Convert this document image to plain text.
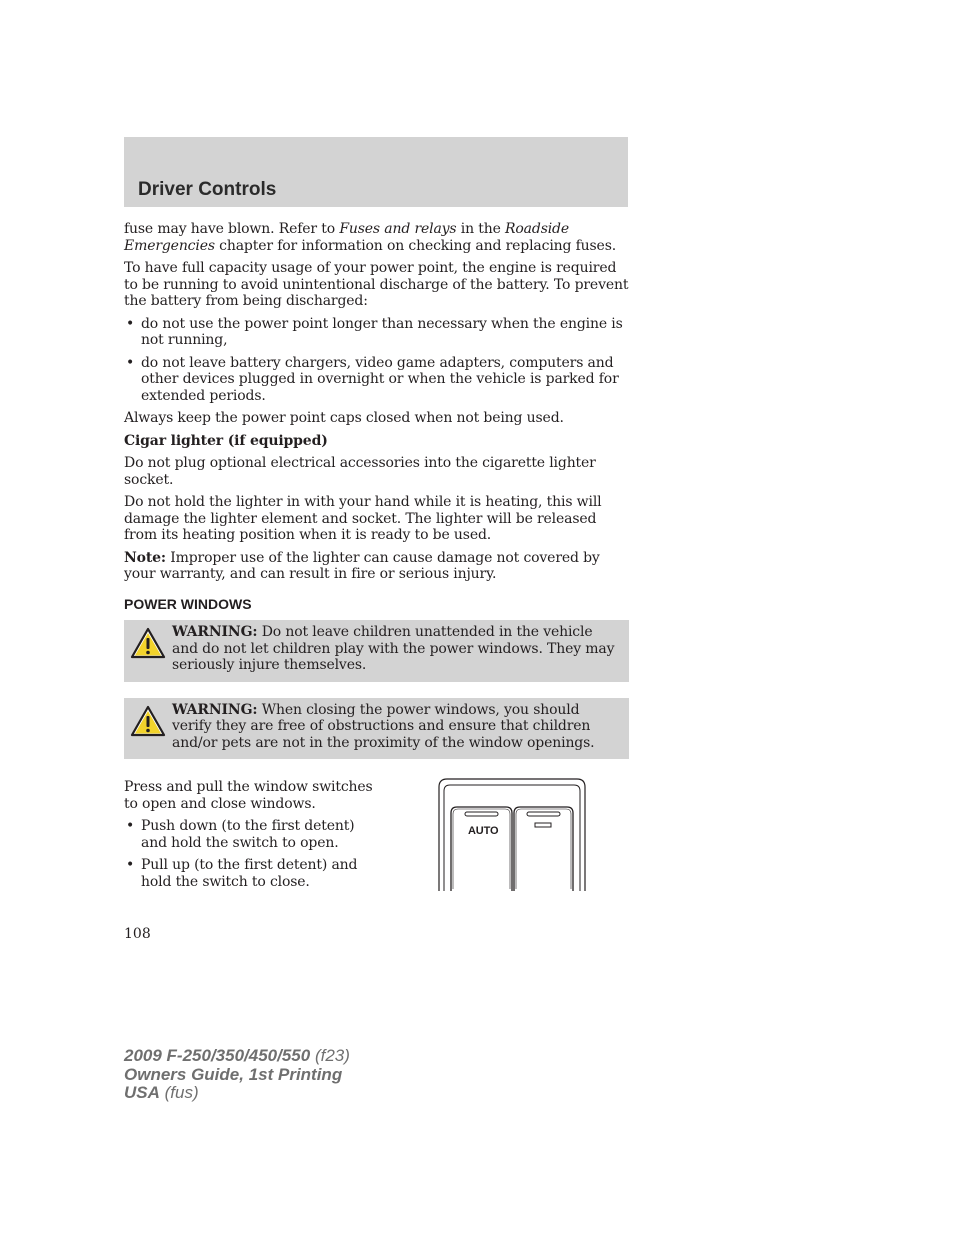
Driver Controls

fuse may have blown. Refer to Fuses and relays in the Roadside Emergencies chapter for information on checking and replacing fuses.

To have full capacity usage of your power point, the engine is required to be running to avoid unintentional discharge of the battery. To prevent the battery from being discharged:

• do not use the power point longer than necessary when the engine is not running,
• do not leave battery chargers, video game adapters, computers and other devices plugged in overnight or when the vehicle is parked for extended periods.

Always keep the power point caps closed when not being used.

Cigar lighter (if equipped)

Do not plug optional electrical accessories into the cigarette lighter socket.

Do not hold the lighter in with your hand while it is heating, this will damage the lighter element and socket. The lighter will be released from its heating position when it is ready to be used.

Note: Improper use of the lighter can cause damage not covered by your warranty, and can result in fire or serious injury.

POWER WINDOWS

WARNING: Do not leave children unattended in the vehicle and do not let children play with the power windows. They may seriously injure themselves.

WARNING: When closing the power windows, you should verify they are free of obstructions and ensure that children and/or pets are not in the proximity of the window openings.

Press and pull the window switches to open and close windows.

• Push down (to the first detent) and hold the switch to open.
• Pull up (to the first detent) and hold the switch to close.
AUTO
108
2009 F-250/350/450/550 (f23)
Owners Guide, 1st Printing
USA (fus)
